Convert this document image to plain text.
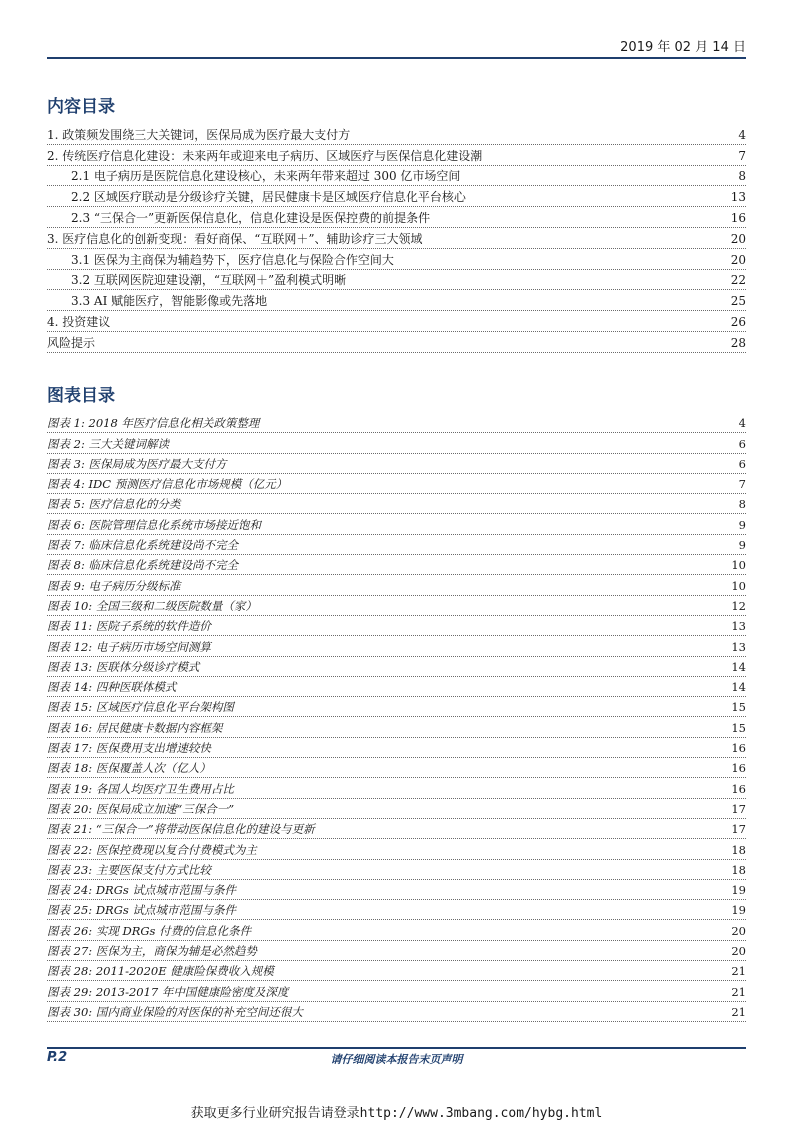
2019 年 02 月 14 日
内容目录
1. 政策频发围绕三大关键词，医保局成为医疗最大支付方	4
2. 传统医疗信息化建设：未来两年或迎来电子病历、区域医疗与医保信息化建设潮	7
2.1 电子病历是医院信息化建设核心，未来两年带来超过 300 亿市场空间	8
2.2 区域医疗联动是分级诊疗关键，居民健康卡是区域医疗信息化平台核心	13
2.3 “三保合一”更新医保信息化，信息化建设是医保控费的前提条件	16
3. 医疗信息化的创新变现：看好商保、“互联网＋”、辅助诊疗三大领域	20
3.1 医保为主商保为辅趋势下，医疗信息化与保险合作空间大	20
3.2 互联网医院迎建设潮，“互联网＋”盈利模式明晰	22
3.3 AI 赋能医疗，智能影像或先落地	25
4. 投资建议	26
风险提示	28
图表目录
图表 1: 2018 年医疗信息化相关政策整理	4
图表 2: 三大关键词解读	6
图表 3: 医保局成为医疗最大支付方	6
图表 4: IDC 预测医疗信息化市场规模（亿元）	7
图表 5: 医疗信息化的分类	8
图表 6: 医院管理信息化系统市场接近饱和	9
图表 7: 临床信息化系统建设尚不完全	9
图表 8: 临床信息化系统建设尚不完全	10
图表 9: 电子病历分级标准	10
图表 10: 全国三级和二级医院数量（家）	12
图表 11: 医院子系统的软件造价	13
图表 12: 电子病历市场空间测算	13
图表 13: 医联体分级诊疗模式	14
图表 14: 四种医联体模式	14
图表 15: 区域医疗信息化平台架构图	15
图表 16: 居民健康卡数据内容框架	15
图表 17: 医保费用支出增速较快	16
图表 18: 医保覆盖人次（亿人）	16
图表 19: 各国人均医疗卫生费用占比	16
图表 20: 医保局成立加速“三保合一”	17
图表 21: “三保合一”将带动医保信息化的建设与更新	17
图表 22: 医保控费现以复合付费模式为主	18
图表 23: 主要医保支付方式比较	18
图表 24: DRGs 试点城市范围与条件	19
图表 25: DRGs 试点城市范围与条件	19
图表 26: 实现 DRGs 付费的信息化条件	20
图表 27: 医保为主，商保为辅是必然趋势	20
图表 28: 2011-2020E 健康险保费收入规模	21
图表 29: 2013-2017 年中国健康险密度及深度	21
图表 30: 国内商业保险的对医保的补充空间还很大	21
P.2	请仔细阅读本报告末页声明
获取更多行业研究报告请登录http://www.3mbang.com/hybg.html
